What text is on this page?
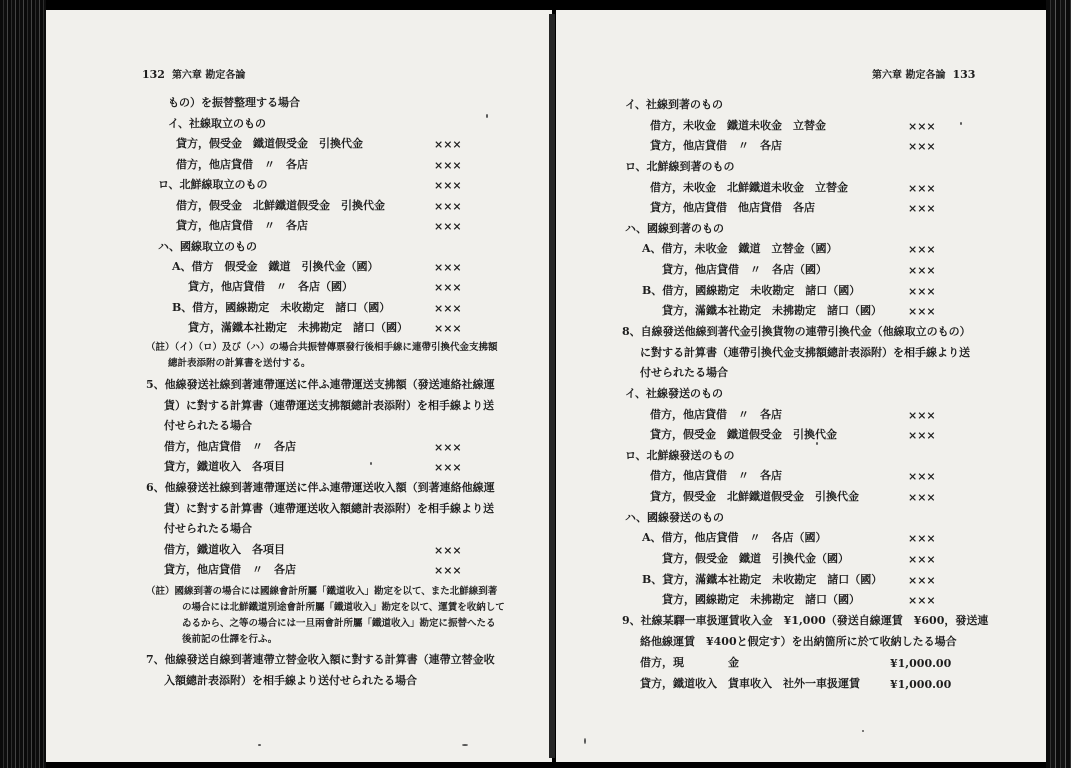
132 第六章 勘定各論
もの）を振替整理する場合
イ、社線取立のもの
貸方，假受金　鐵道假受金　引換代金	×××
借方，他店貸借　〃　各店	×××
ロ、北鮮線取立のもの	×××
借方，假受金　北鮮鐵道假受金　引換代金	×××
貸方，他店貸借　〃　各店	×××
ハ、國線取立のもの
A、借方　假受金　鐵道　引換代金（國）	×××
貸方，他店貸借　〃　各店（國）	×××
B、借方，國線勘定　未收勘定　諸口（國）	×××
貸方，滿鐵本社勘定　未拂勘定　諸口（國） ×××
（註）（イ）（ロ）及び（ハ）の場合共振替傳票發行後相手線に連帶引換代金支拂額
總計表添附の計算書を送付する。
5、他線發送社線到著連帶運送に伴ふ連帶運送支拂額（發送連絡社線運
貨）に對する計算書（連帶運送支拂額總計表添附）を相手線より送
付せられたる場合
借方，他店貸借　〃　各店	×××
貸方，鐵道收入　各項目	×××
6、他線發送社線到著連帶運送に伴ふ連帶運送收入額（到著連絡他線運
貨）に對する計算書（連帶運送收入額總計表添附）を相手線より送
付せられたる場合
借方，鐵道收入　各項目	×××
貸方，他店貸借　〃　各店	×××
（註）國線到著の場合には國線會計所屬「鐵道收入」勘定を以て、また北鮮線到著
の場合には北鮮鐵道別途會計所屬「鐵道收入」勘定を以て、運賃を收納して
ゐるから、之等の場合には一旦兩會計所屬「鐵道收入」勘定に振替へたる
後前記の仕譯を行ふ。
7、他線發送自線到著連帶立替金收入額に對する計算書（連帶立替金收
入額總計表添附）を相手線より送付せられたる場合
第六章 勘定各論 133
イ、社線到著のもの
借方，未收金　鐵道未收金　立替金	×××
貸方，他店貸借　〃　各店	×××
ロ、北鮮線到著のもの
借方，未收金　北鮮鐵道未收金　立替金	×××
貸方，他店貸借　他店貸借　各店	×××
ハ、國線到著のもの
A、借方，未收金　鐵道　立替金（國）	×××
貸方，他店貸借　〃　各店（國）	×××
B、借方，國線勘定　未收勘定　諸口（國）	×××
貸方，滿鐵本社勘定　未拂勘定　諸口（國） ×××
8、自線發送他線到著代金引換貨物の連帶引換代金（他線取立のもの）
に對する計算書（連帶引換代金支拂額總計表添附）を相手線より送
付せられたる場合
イ、社線發送のもの
借方，他店貸借　〃　各店	×××
貸方，假受金　鐵道假受金　引換代金	×××
ロ、北鮮線發送のもの
借方，他店貸借　〃　各店	×××
貸方，假受金　北鮮鐵道假受金　引換代金	×××
ハ、國線發送のもの
A、借方，他店貸借　〃　各店（國）	×××
貸方，假受金　鐵道　引換代金（國）	×××
B、貸方，滿鐵本社勘定　未收勘定　諸口（國） ×××
貸方，國線勘定　未拂勘定　諸口（國）	×××
9、社線某驛一車扱運賃收入金　¥1,000（發送自線運賃　¥600，發送連
絡他線運賃　¥400と假定す）を出納箇所に於て收納したる場合
借方，現　　　　金	¥1,000.00
貸方，鐵道收入　貨車收入　社外一車扱運賃	¥1,000.00
